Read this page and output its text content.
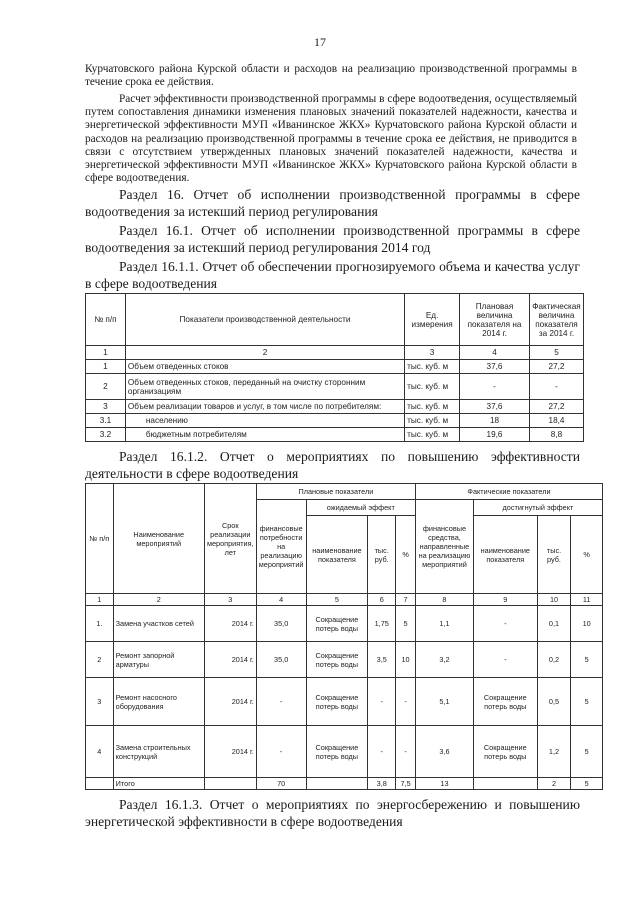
17

Курчатовского района Курской области и расходов на реализацию производственной программы в течение срока ее действия.

Расчет эффективности производственной программы в сфере водоотведения, осуществляемый путем сопоставления динамики изменения плановых значений показателей надежности, качества и энергетической эффективности МУП «Иванинское ЖКХ» Курчатовского района Курской области и расходов на реализацию производственной программы в течение срока ее действия, не приводится в связи с отсутствием утвержденных плановых значений показателей надежности, качества и энергетической эффективности МУП «Иванинское ЖКХ» Курчатовского района Курской области в сфере водоотведения.

Раздел 16. Отчет об исполнении производственной программы в сфере водоотведения за истекший период регулирования

Раздел 16.1. Отчет об исполнении производственной программы в сфере водоотведения за истекший период регулирования 2014 год

Раздел 16.1.1. Отчет об обеспечении прогнозируемого объема и качества услуг в сфере водоотведения

№ п/п	Показатели производственной деятельности	Ед. измерения	Плановая величина показателя на 2014 г.	Фактическая величина показателя за 2014 г.
1	2	3	4	5
1	Объем отведенных стоков	тыс. куб. м	37,6	27,2
2	Объем отведенных стоков, переданный на очистку сторонним организациям	тыс. куб. м	-	-
3	Объем реализации товаров и услуг, в том числе по потребителям:	тыс. куб. м	37,6	27,2
3.1	населению	тыс. куб. м	18	18,4
3.2	бюджетным потребителям	тыс. куб. м	19,6	8,8

Раздел 16.1.2. Отчет о мероприятиях по повышению эффективности деятельности в сфере водоотведения

№ п/п	Наименование мероприятий	Срок реализации мероприятия, лет	Плановые показатели				Фактические показатели			
			финансовые потребности на реализацию мероприятий	ожидаемый эффект			финансовые средства, направленные на реализацию мероприятий	достигнутый эффект		
				наименование показателя	тыс. руб.	%		наименование показателя	тыс. руб.	%
1	2	3	4	5	6	7	8	9	10	11
1.	Замена участков сетей	2014 г.	35,0	Сокращение потерь воды	1,75	5	1,1	-	0,1	10
2	Ремонт запорной арматуры	2014 г.	35,0	Сокращение потерь воды	3,5	10	3,2	-	0,2	5
3	Ремонт насосного оборудования	2014 г.	-	Сокращение потерь воды	-	-	5,1	Сокращение потерь воды	0,5	5
4	Замена строительных конструкций	2014 г.	-	Сокращение потерь воды	-	-	3,6	Сокращение потерь воды	1,2	5
	Итого		70		3,8	7,5	13		2	5

Раздел 16.1.3. Отчет о мероприятиях по энергосбережению и повышению энергетической эффективности в сфере водоотведения
